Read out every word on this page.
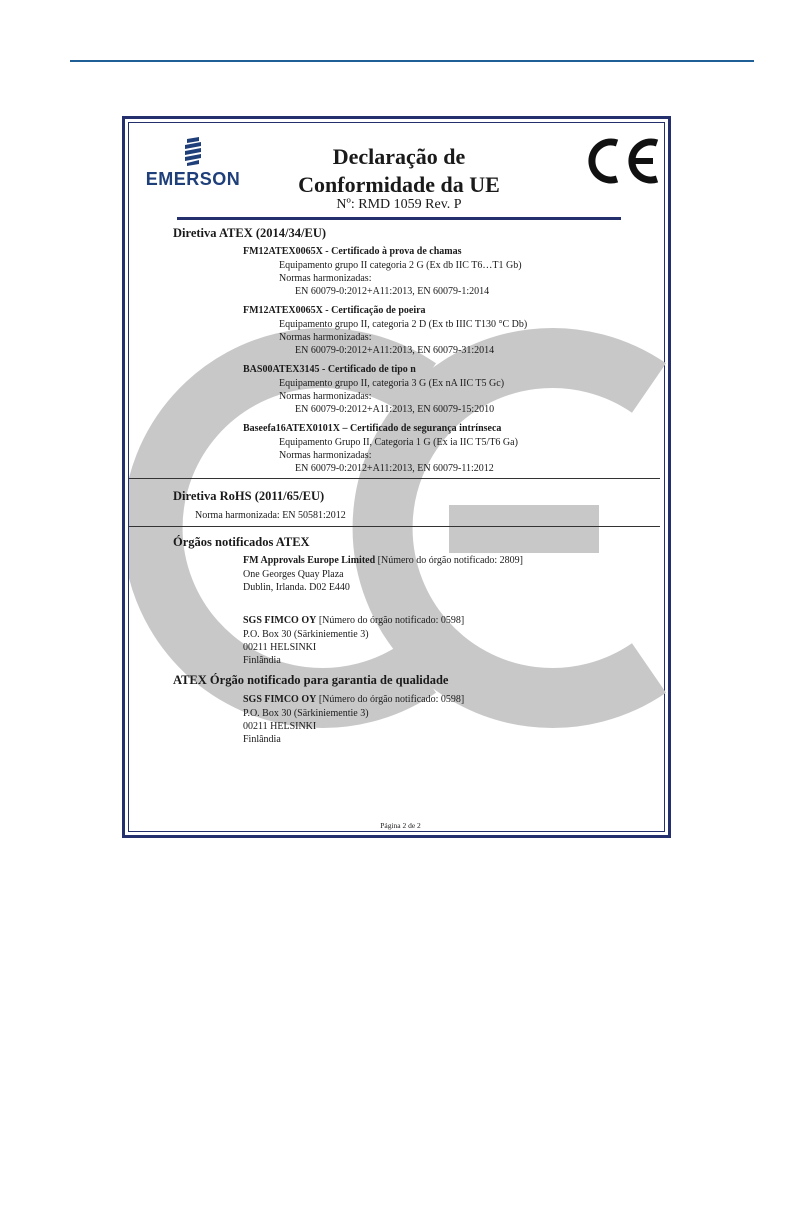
EMERSON
Declaração de
Conformidade da UE
Nº: RMD 1059 Rev. P
Diretiva ATEX (2014/34/EU)
FM12ATEX0065X - Certificado à prova de chamas
Equipamento grupo II categoria 2 G (Ex db IIC T6…T1 Gb)
Normas harmonizadas:
EN 60079-0:2012+A11:2013, EN 60079-1:2014
FM12ATEX0065X - Certificação de poeira
Equipamento grupo II, categoria 2 D (Ex tb IIIC T130 °C Db)
Normas harmonizadas:
EN 60079-0:2012+A11:2013, EN 60079-31:2014
BAS00ATEX3145 - Certificado de tipo n
Equipamento grupo II, categoria 3 G (Ex nA IIC T5 Gc)
Normas harmonizadas:
EN 60079-0:2012+A11:2013, EN 60079-15:2010
Baseefa16ATEX0101X – Certificado de segurança intrínseca
Equipamento Grupo II, Categoria 1 G (Ex ia IIC T5/T6 Ga)
Normas harmonizadas:
EN 60079-0:2012+A11:2013, EN 60079-11:2012
Diretiva RoHS (2011/65/EU)
Norma harmonizada: EN 50581:2012
Órgãos notificados ATEX
FM Approvals Europe Limited [Número do órgão notificado: 2809]
One Georges Quay Plaza
Dublin, Irlanda. D02 E440
SGS FIMCO OY [Número do órgão notificado: 0598]
P.O. Box 30 (Särkiniementie 3)
00211 HELSINKI
Finlândia
ATEX Órgão notificado para garantia de qualidade
SGS FIMCO OY [Número do órgão notificado: 0598]
P.O. Box 30 (Särkiniementie 3)
00211 HELSINKI
Finlândia
Página 2 de 2
